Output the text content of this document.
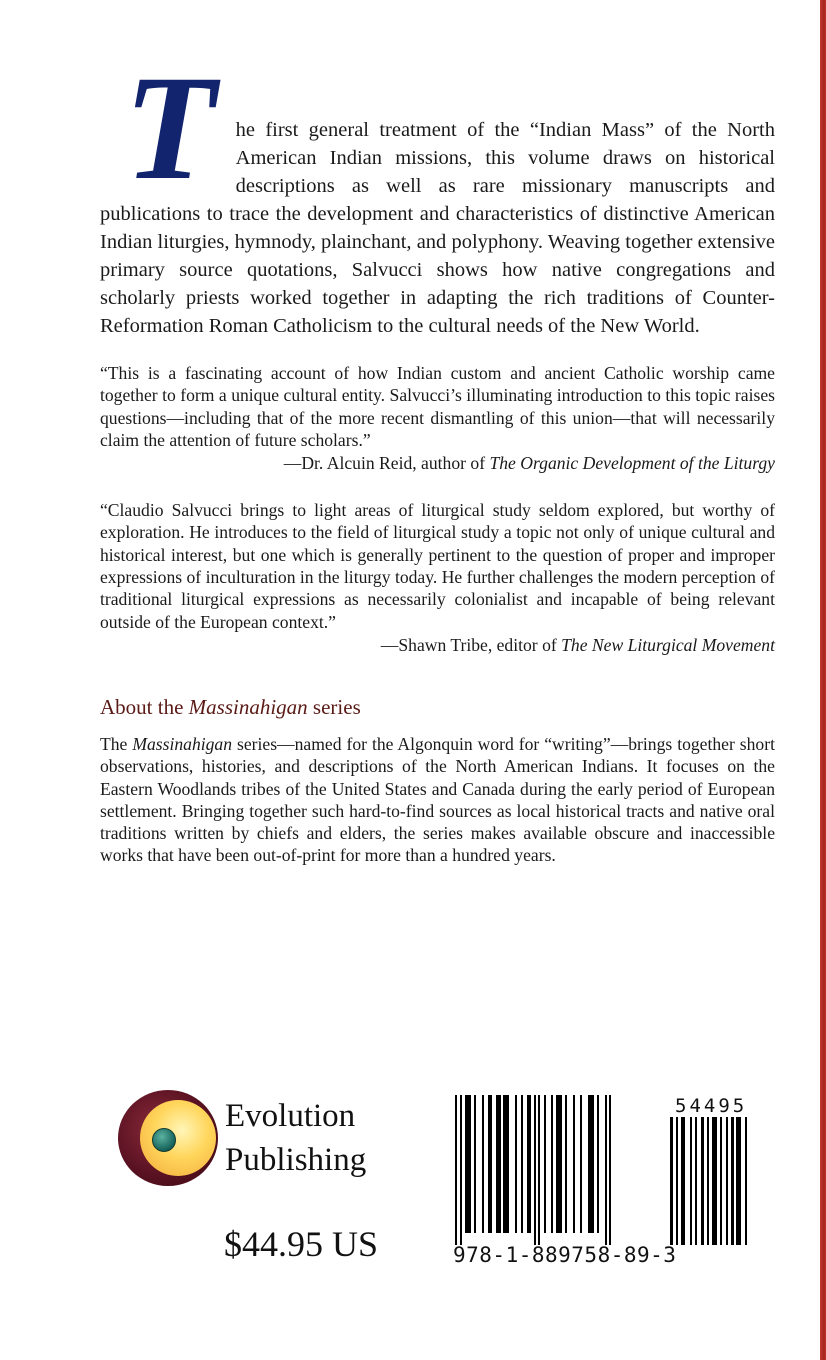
T he first general treatment of the “Indian Mass” of the North American Indian missions, this volume draws on historical descriptions as well as rare missionary manuscripts and publications to trace the development and characteristics of distinctive American Indian liturgies, hymnody, plainchant, and polyphony. Weaving together extensive primary source quotations, Salvucci shows how native congregations and scholarly priests worked together in adapting the rich traditions of Counter-Reformation Roman Catholicism to the cultural needs of the New World.

“This is a fascinating account of how Indian custom and ancient Catholic worship came together to form a unique cultural entity. Salvucci’s illuminating introduction to this topic raises questions—including that of the more recent dismantling of this union—that will necessarily claim the attention of future scholars.”

—Dr. Alcuin Reid, author of The Organic Development of the Liturgy

“Claudio Salvucci brings to light areas of liturgical study seldom explored, but worthy of exploration. He introduces to the field of liturgical study a topic not only of unique cultural and historical interest, but one which is generally pertinent to the question of proper and improper expressions of inculturation in the liturgy today. He further challenges the modern perception of traditional liturgical expressions as necessarily colonialist and incapable of being relevant outside of the European context.”

—Shawn Tribe, editor of The New Liturgical Movement
About the Massinahigan series

The Massinahigan series—named for the Algonquin word for “writing”—brings together short observations, histories, and descriptions of the North American Indians. It focuses on the Eastern Woodlands tribes of the United States and Canada during the early period of European settlement. Bringing together such hard-to-find sources as local historical tracts and native oral traditions written by chiefs and elders, the series makes available obscure and inaccessible works that have been out-of-print for more than a hundred years.

Evolution
Publishing
$44.95 US
54495
978-1-889758-89-3
